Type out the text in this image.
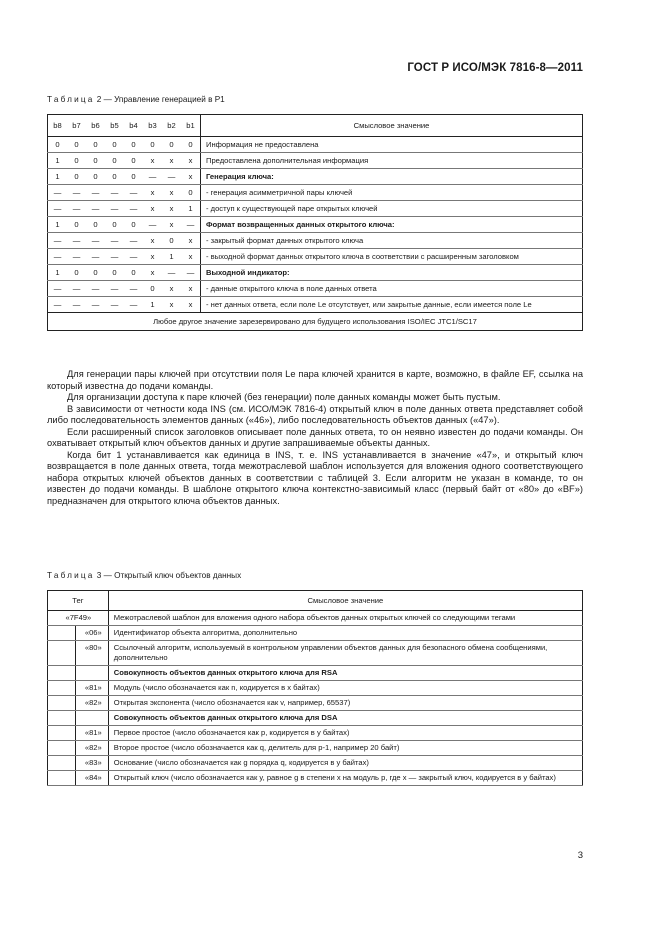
ГОСТ Р ИСО/МЭК 7816-8—2011
Таблица 2 — Управление генерацией в Р1
b8	b7	b6	b5	b4	b3	b2	b1	Смысловое значение
0	0	0	0	0	0	0	0	Информация не предоставлена
1	0	0	0	0	x	x	x	Предоставлена дополнительная информация
1	0	0	0	0	—	—	x	Генерация ключа:
—	—	—	—	—	x	x	0	- генерация асимметричной пары ключей
—	—	—	—	—	x	x	1	- доступ к существующей паре открытых ключей
1	0	0	0	0	—	x	—	Формат возвращенных данных открытого ключа:
—	—	—	—	—	x	0	x	- закрытый формат данных открытого ключа
—	—	—	—	—	x	1	x	- выходной формат данных открытого ключа в соответствии с расширенным заголовком
1	0	0	0	0	x	—	—	Выходной индикатор:
—	—	—	—	—	0	x	x	- данные открытого ключа в поле данных ответа
—	—	—	—	—	1	x	x	- нет данных ответа, если поле Le отсутствует, или закрытые данные, если имеется поле Le
Любое другое значение зарезервировано для будущего использования ISO/IEC JTC1/SC17								

Для генерации пары ключей при отсутствии поля Le пара ключей хранится в карте, возможно, в файле EF, ссылка на который известна до подачи команды.

Для организации доступа к паре ключей (без генерации) поле данных команды может быть пустым.

В зависимости от четности кода INS (см. ИСО/МЭК 7816-4) открытый ключ в поле данных ответа представляет собой либо последовательность элементов данных («46»), либо последовательность объектов данных («47»).

Если расширенный список заголовков описывает поле данных ответа, то он неявно известен до подачи команды. Он охватывает открытый ключ объектов данных и другие запрашиваемые объекты данных.

Когда бит 1 устанавливается как единица в INS, т. е. INS устанавливается в значение «47», и открытый ключ возвращается в поле данных ответа, тогда межотраслевой шаблон используется для вложения одного соответствующего набора открытых ключей объектов данных в соответствии с таблицей 3. Если алгоритм не указан в команде, то он известен до подачи команды. В шаблоне открытого ключа контекстно-зависимый класс (первый байт от «80» до «BF») предназначен для открытого ключа объектов данных.

Таблица 3 — Открытый ключ объектов данных
Тег		Смысловое значение
«7F49»		Межотраслевой шаблон для вложения одного набора объектов данных открытых ключей со следующими тегами
	«06»	Идентификатор объекта алгоритма, дополнительно
	«80»	Ссылочный алгоритм, используемый в контрольном управлении объектов данных для безопасного обмена сообщениями, дополнительно
		Совокупность объектов данных открытого ключа для RSA
	«81»	Модуль (число обозначается как n, кодируется в x байтах)
	«82»	Открытая экспонента (число обозначается как v, например, 65537)
		Совокупность объектов данных открытого ключа для DSA
	«81»	Первое простое (число обозначается как p, кодируется в y байтах)
	«82»	Второе простое (число обозначается как q, делитель для p-1, например 20 байт)
	«83»	Основание (число обозначается как g порядка q, кодируется в y байтах)
	«84»	Открытый ключ (число обозначается как y, равное g в степени x на модуль p, где x — закрытый ключ, кодируется в y байтах)
3
